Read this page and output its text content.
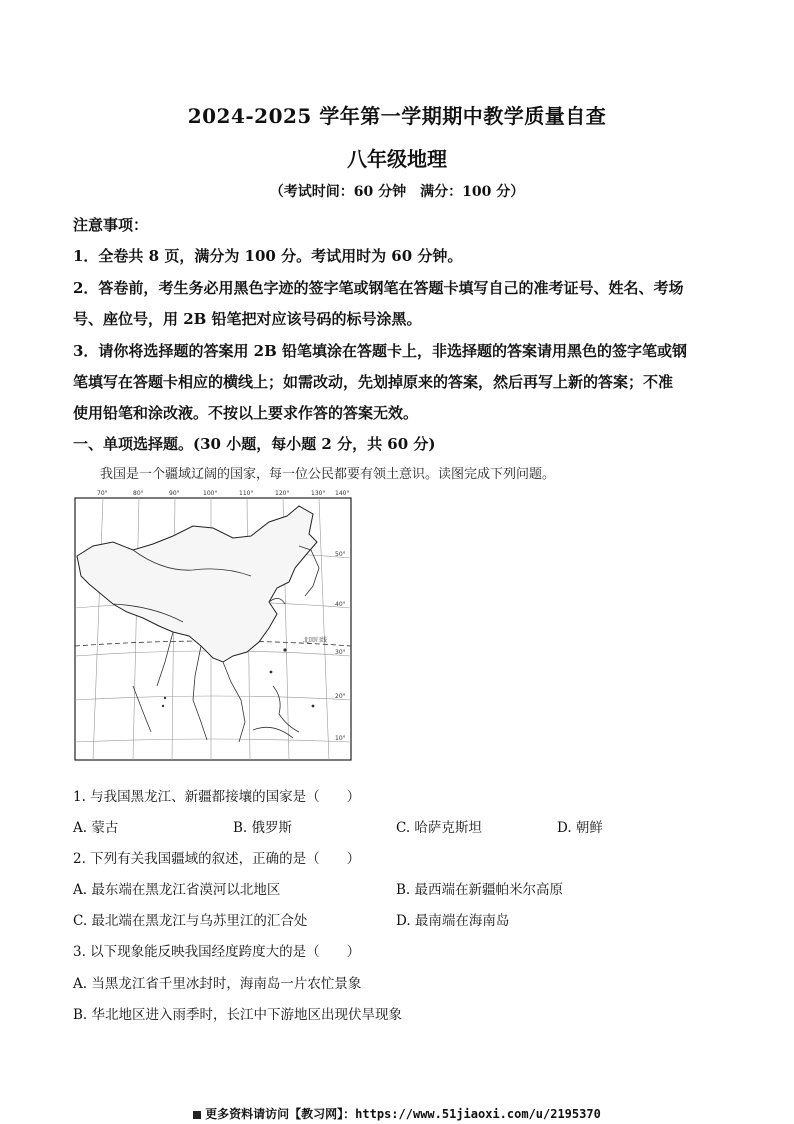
2024-2025 学年第一学期期中教学质量自查
八年级地理
（考试时间：60 分钟　满分：100 分）
注意事项：
1．全卷共 8 页，满分为 100 分。考试用时为 60 分钟。
2．答卷前，考生务必用黑色字迹的签字笔或钢笔在答题卡填写自己的准考证号、姓名、考场
号、座位号，用 2B 铅笔把对应该号码的标号涂黑。
3．请你将选择题的答案用 2B 铅笔填涂在答题卡上，非选择题的答案请用黑色的签字笔或钢
笔填写在答题卡相应的横线上；如需改动，先划掉原来的答案，然后再写上新的答案；不准
使用铅笔和涂改液。不按以上要求作答的答案无效。
一、单项选择题。(30 小题，每小题 2 分，共 60 分)
我国是一个疆域辽阔的国家，每一位公民都要有领土意识。读图完成下列问题。
70°	80°	90°	100°	110°	120°	130° 140°
50°
40°
30°
20°
10°
北回归线
1. 与我国黑龙江、新疆都接壤的国家是（　　）
A. 蒙古	B. 俄罗斯	C. 哈萨克斯坦	D. 朝鲜
2. 下列有关我国疆域的叙述，正确的是（　　）
A. 最东端在黑龙江省漠河以北地区	B. 最西端在新疆帕米尔高原
C. 最北端在黑龙江与乌苏里江的汇合处	D. 最南端在海南岛
3. 以下现象能反映我国经度跨度大的是（　　）
A. 当黑龙江省千里冰封时，海南岛一片农忙景象
B. 华北地区进入雨季时，长江中下游地区出现伏旱现象
更多资料请访问【教习网】：https://www.51jiaoxi.com/u/2195370
